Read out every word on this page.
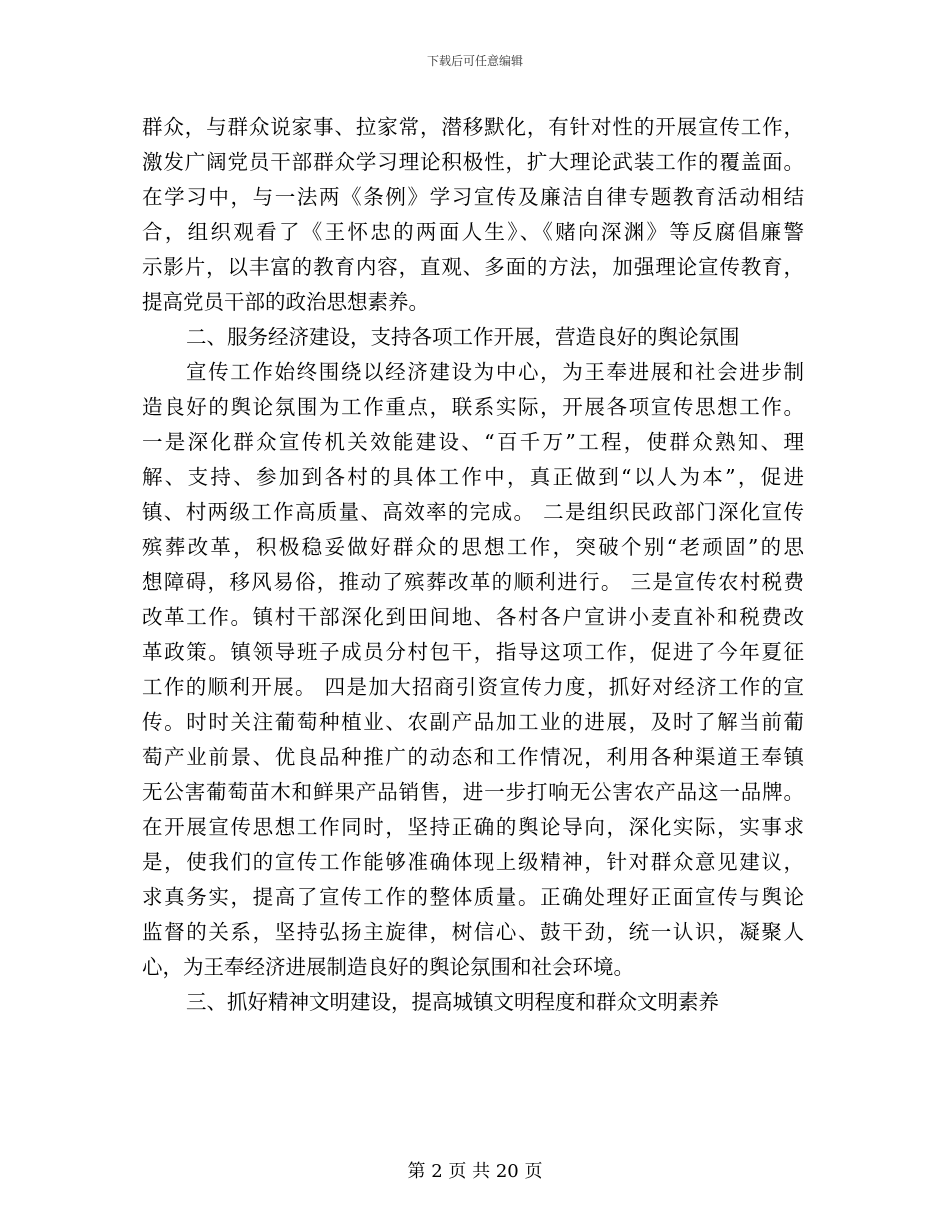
下载后可任意编辑
群众，与群众说家事、拉家常，潜移默化，有针对性的开展宣传工作，
激发广阔党员干部群众学习理论积极性，扩大理论武装工作的覆盖面。
在学习中，与一法两《条例》学习宣传及廉洁自律专题教育活动相结
合，组织观看了《王怀忠的两面人生》、《赌向深渊》等反腐倡廉警
示影片，以丰富的教育内容，直观、多面的方法，加强理论宣传教育，
提高党员干部的政治思想素养。
二、服务经济建设，支持各项工作开展，营造良好的舆论氛围
宣传工作始终围绕以经济建设为中心，为王奉进展和社会进步制
造良好的舆论氛围为工作重点，联系实际，开展各项宣传思想工作。
一是深化群众宣传机关效能建设、“百千万”工程，使群众熟知、理
解、支持、参加到各村的具体工作中，真正做到“以人为本”，促进
镇、村两级工作高质量、高效率的完成。 二是组织民政部门深化宣传
殡葬改革，积极稳妥做好群众的思想工作，突破个别“老顽固”的思
想障碍，移风易俗，推动了殡葬改革的顺利进行。 三是宣传农村税费
改革工作。镇村干部深化到田间地、各村各户宣讲小麦直补和税费改
革政策。镇领导班子成员分村包干，指导这项工作，促进了今年夏征
工作的顺利开展。 四是加大招商引资宣传力度，抓好对经济工作的宣
传。时时关注葡萄种植业、农副产品加工业的进展，及时了解当前葡
萄产业前景、优良品种推广的动态和工作情况，利用各种渠道王奉镇
无公害葡萄苗木和鲜果产品销售，进一步打响无公害农产品这一品牌。
在开展宣传思想工作同时，坚持正确的舆论导向，深化实际，实事求
是，使我们的宣传工作能够准确体现上级精神，针对群众意见建议，
求真务实，提高了宣传工作的整体质量。正确处理好正面宣传与舆论
监督的关系，坚持弘扬主旋律，树信心、鼓干劲，统一认识，凝聚人
心，为王奉经济进展制造良好的舆论氛围和社会环境。
三、抓好精神文明建设，提高城镇文明程度和群众文明素养
第 2 页 共 20 页
